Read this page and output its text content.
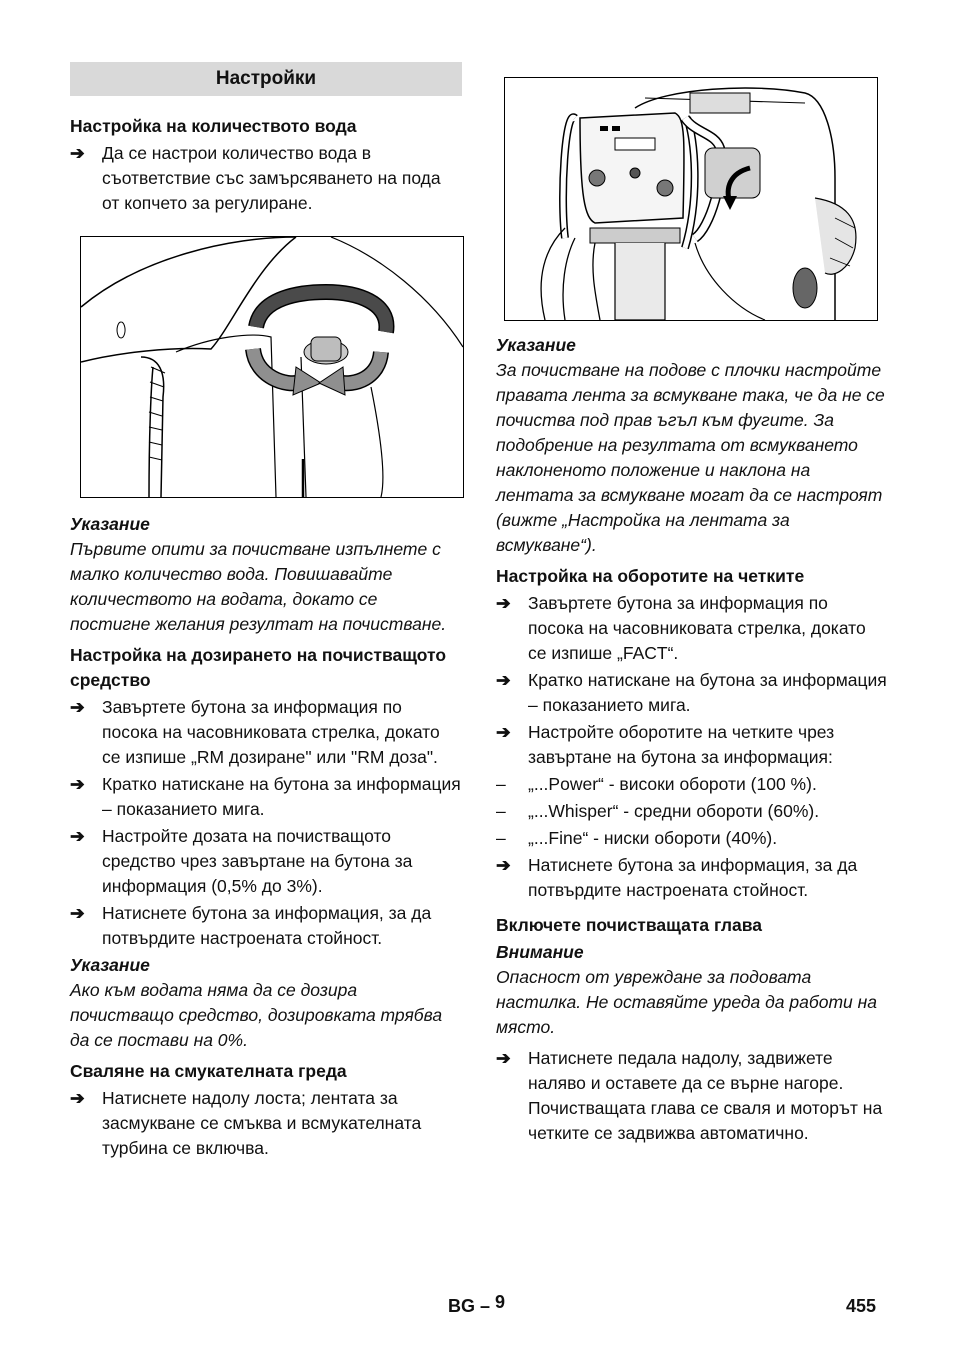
Настройки
Настройка на количеството вода
➔ Да се настрои количество вода в съответствие със замърсяването на пода от копчето за регулиране.
Указание
Първите опити за почистване изпълнете с малко количество вода. Повишавайте количеството на водата, докато се постигне желания резултат на почистване.
Настройка на дозирането на почистващото средство
➔ Завъртете бутона за информация по посока на часовниковата стрелка, докато се изпише „RM дозиране" или "RM доза".
➔ Кратко натискане на бутона за информация – показанието мига.
➔ Настройте дозата на почистващото средство чрез завъртане на бутона за информация (0,5% до 3%).
➔ Натиснете бутона за информация, за да потвърдите настроената стойност.
Указание
Ако към водата няма да се дозира почистващо средство, дозировката трябва да се постави на 0%.
Сваляне на смукателната греда
➔ Натиснете надолу лоста; лентата за засмукване се смъква и всмукателната турбина се включва.
Указание
За почистване на подове с плочки настройте правата лента за всмукване така, че да не се почиства под прав ъгъл към фугите. За подобрение на резултата от всмукването наклоненото положение и наклона на лентата за всмукване могат да се настроят (вижте „Настройка на лентата за всмукване“).
Настройка на оборотите на четките
➔ Завъртете бутона за информация по посока на часовниковата стрелка, докато се изпише „FACT“.
➔ Кратко натискане на бутона за информация – показанието мига.
➔ Настройте оборотите на четките чрез завъртане на бутона за информация:
–	„...Power“ - високи обороти (100 %).
–	„...Whisper“ - средни обороти (60%).
–	„...Fine“ - ниски обороти (40%).
➔ Натиснете бутона за информация, за да потвърдите настроената стойност.
Включете почистващата глава
Внимание
Опасност от увреждане за подовата настилка. Не оставяйте уреда да работи на място.
➔ Натиснете педала надолу, задвижете наляво и оставете да се върне нагоре. Почистващата глава се сваля и моторът на четките се задвижва автоматично.
BG – 9	455
